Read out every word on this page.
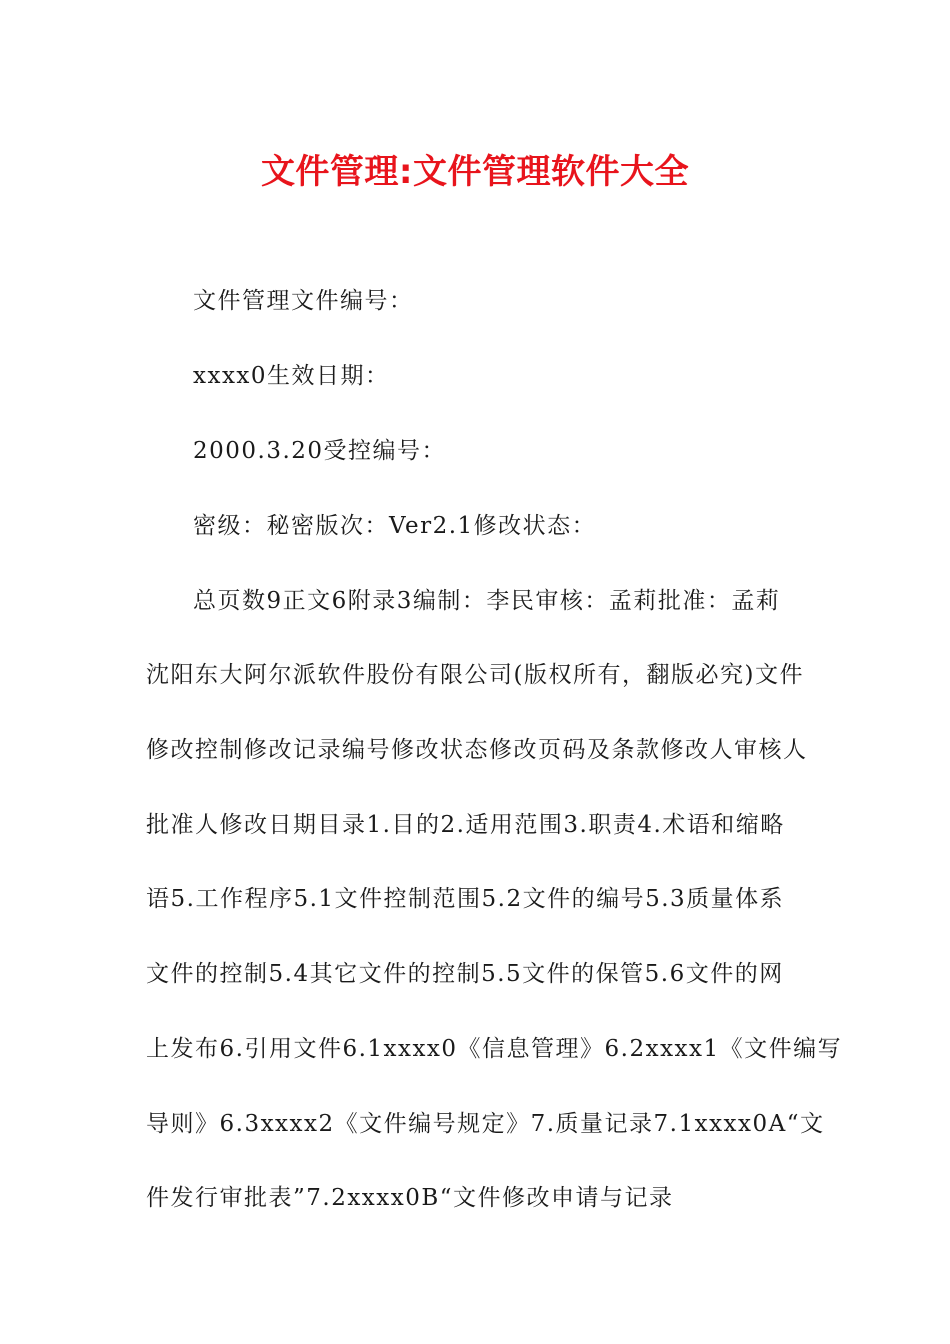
文件管理:文件管理软件大全

文件管理文件编号：

xxxx0生效日期：

2000.3.20受控编号：

密级：秘密版次：Ver2.1修改状态：

总页数9正文6附录3编制：李民审核：孟莉批准：孟莉

沈阳东大阿尔派软件股份有限公司(版权所有，翻版必究)文件

修改控制修改记录编号修改状态修改页码及条款修改人审核人

批准人修改日期目录1.目的2.适用范围3.职责4.术语和缩略

语5.工作程序5.1文件控制范围5.2文件的编号5.3质量体系

文件的控制5.4其它文件的控制5.5文件的保管5.6文件的网

上发布6.引用文件6.1xxxx0《信息管理》6.2xxxx1《文件编写

导则》6.3xxxx2《文件编号规定》7.质量记录7.1xxxx0A“文

件发行审批表”7.2xxxx0B“文件修改申请与记录
